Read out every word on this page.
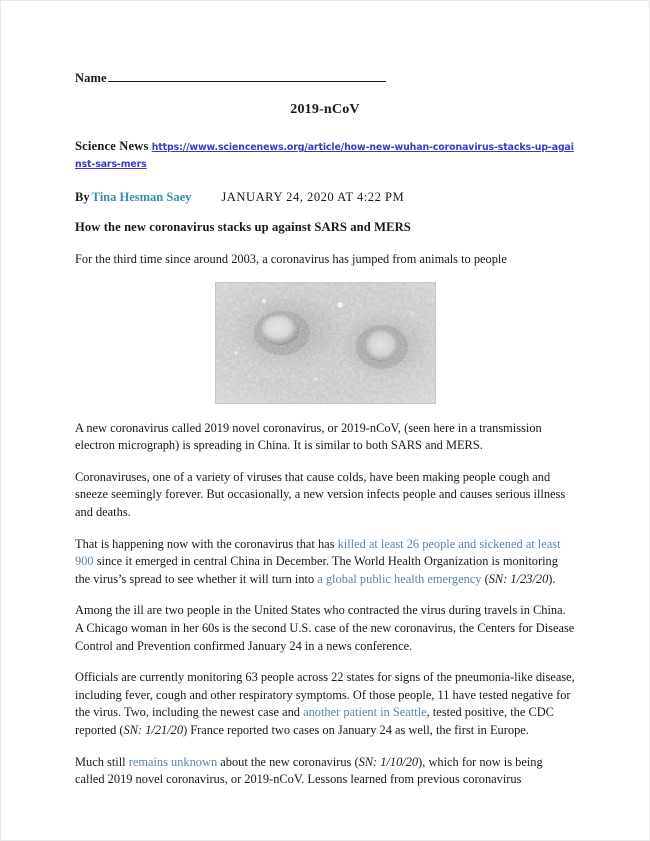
Name
2019-nCoV
Science News https://www.sciencenews.org/article/how-new-wuhan-coronavirus-stacks-up-against-sars-mers
By Tina Hesman Saey JANUARY 24, 2020 AT 4:22 PM
How the new coronavirus stacks up against SARS and MERS
For the third time since around 2003, a coronavirus has jumped from animals to people

A new coronavirus called 2019 novel coronavirus, or 2019-nCoV, (seen here in a transmission electron micrograph) is spreading in China. It is similar to both SARS and MERS.

Coronaviruses, one of a variety of viruses that cause colds, have been making people cough and sneeze seemingly forever. But occasionally, a new version infects people and causes serious illness and deaths.

That is happening now with the coronavirus that has killed at least 26 people and sickened at least 900 since it emerged in central China in December. The World Health Organization is monitoring the virus’s spread to see whether it will turn into a global public health emergency (SN: 1/23/20).

Among the ill are two people in the United States who contracted the virus during travels in China. A Chicago woman in her 60s is the second U.S. case of the new coronavirus, the Centers for Disease Control and Prevention confirmed January 24 in a news conference.

Officials are currently monitoring 63 people across 22 states for signs of the pneumonia-like disease, including fever, cough and other respiratory symptoms. Of those people, 11 have tested negative for the virus. Two, including the newest case and another patient in Seattle, tested positive, the CDC reported (SN: 1/21/20) France reported two cases on January 24 as well, the first in Europe.

Much still remains unknown about the new coronavirus (SN: 1/10/20), which for now is being called 2019 novel coronavirus, or 2019-nCoV. Lessons learned from previous coronavirus
